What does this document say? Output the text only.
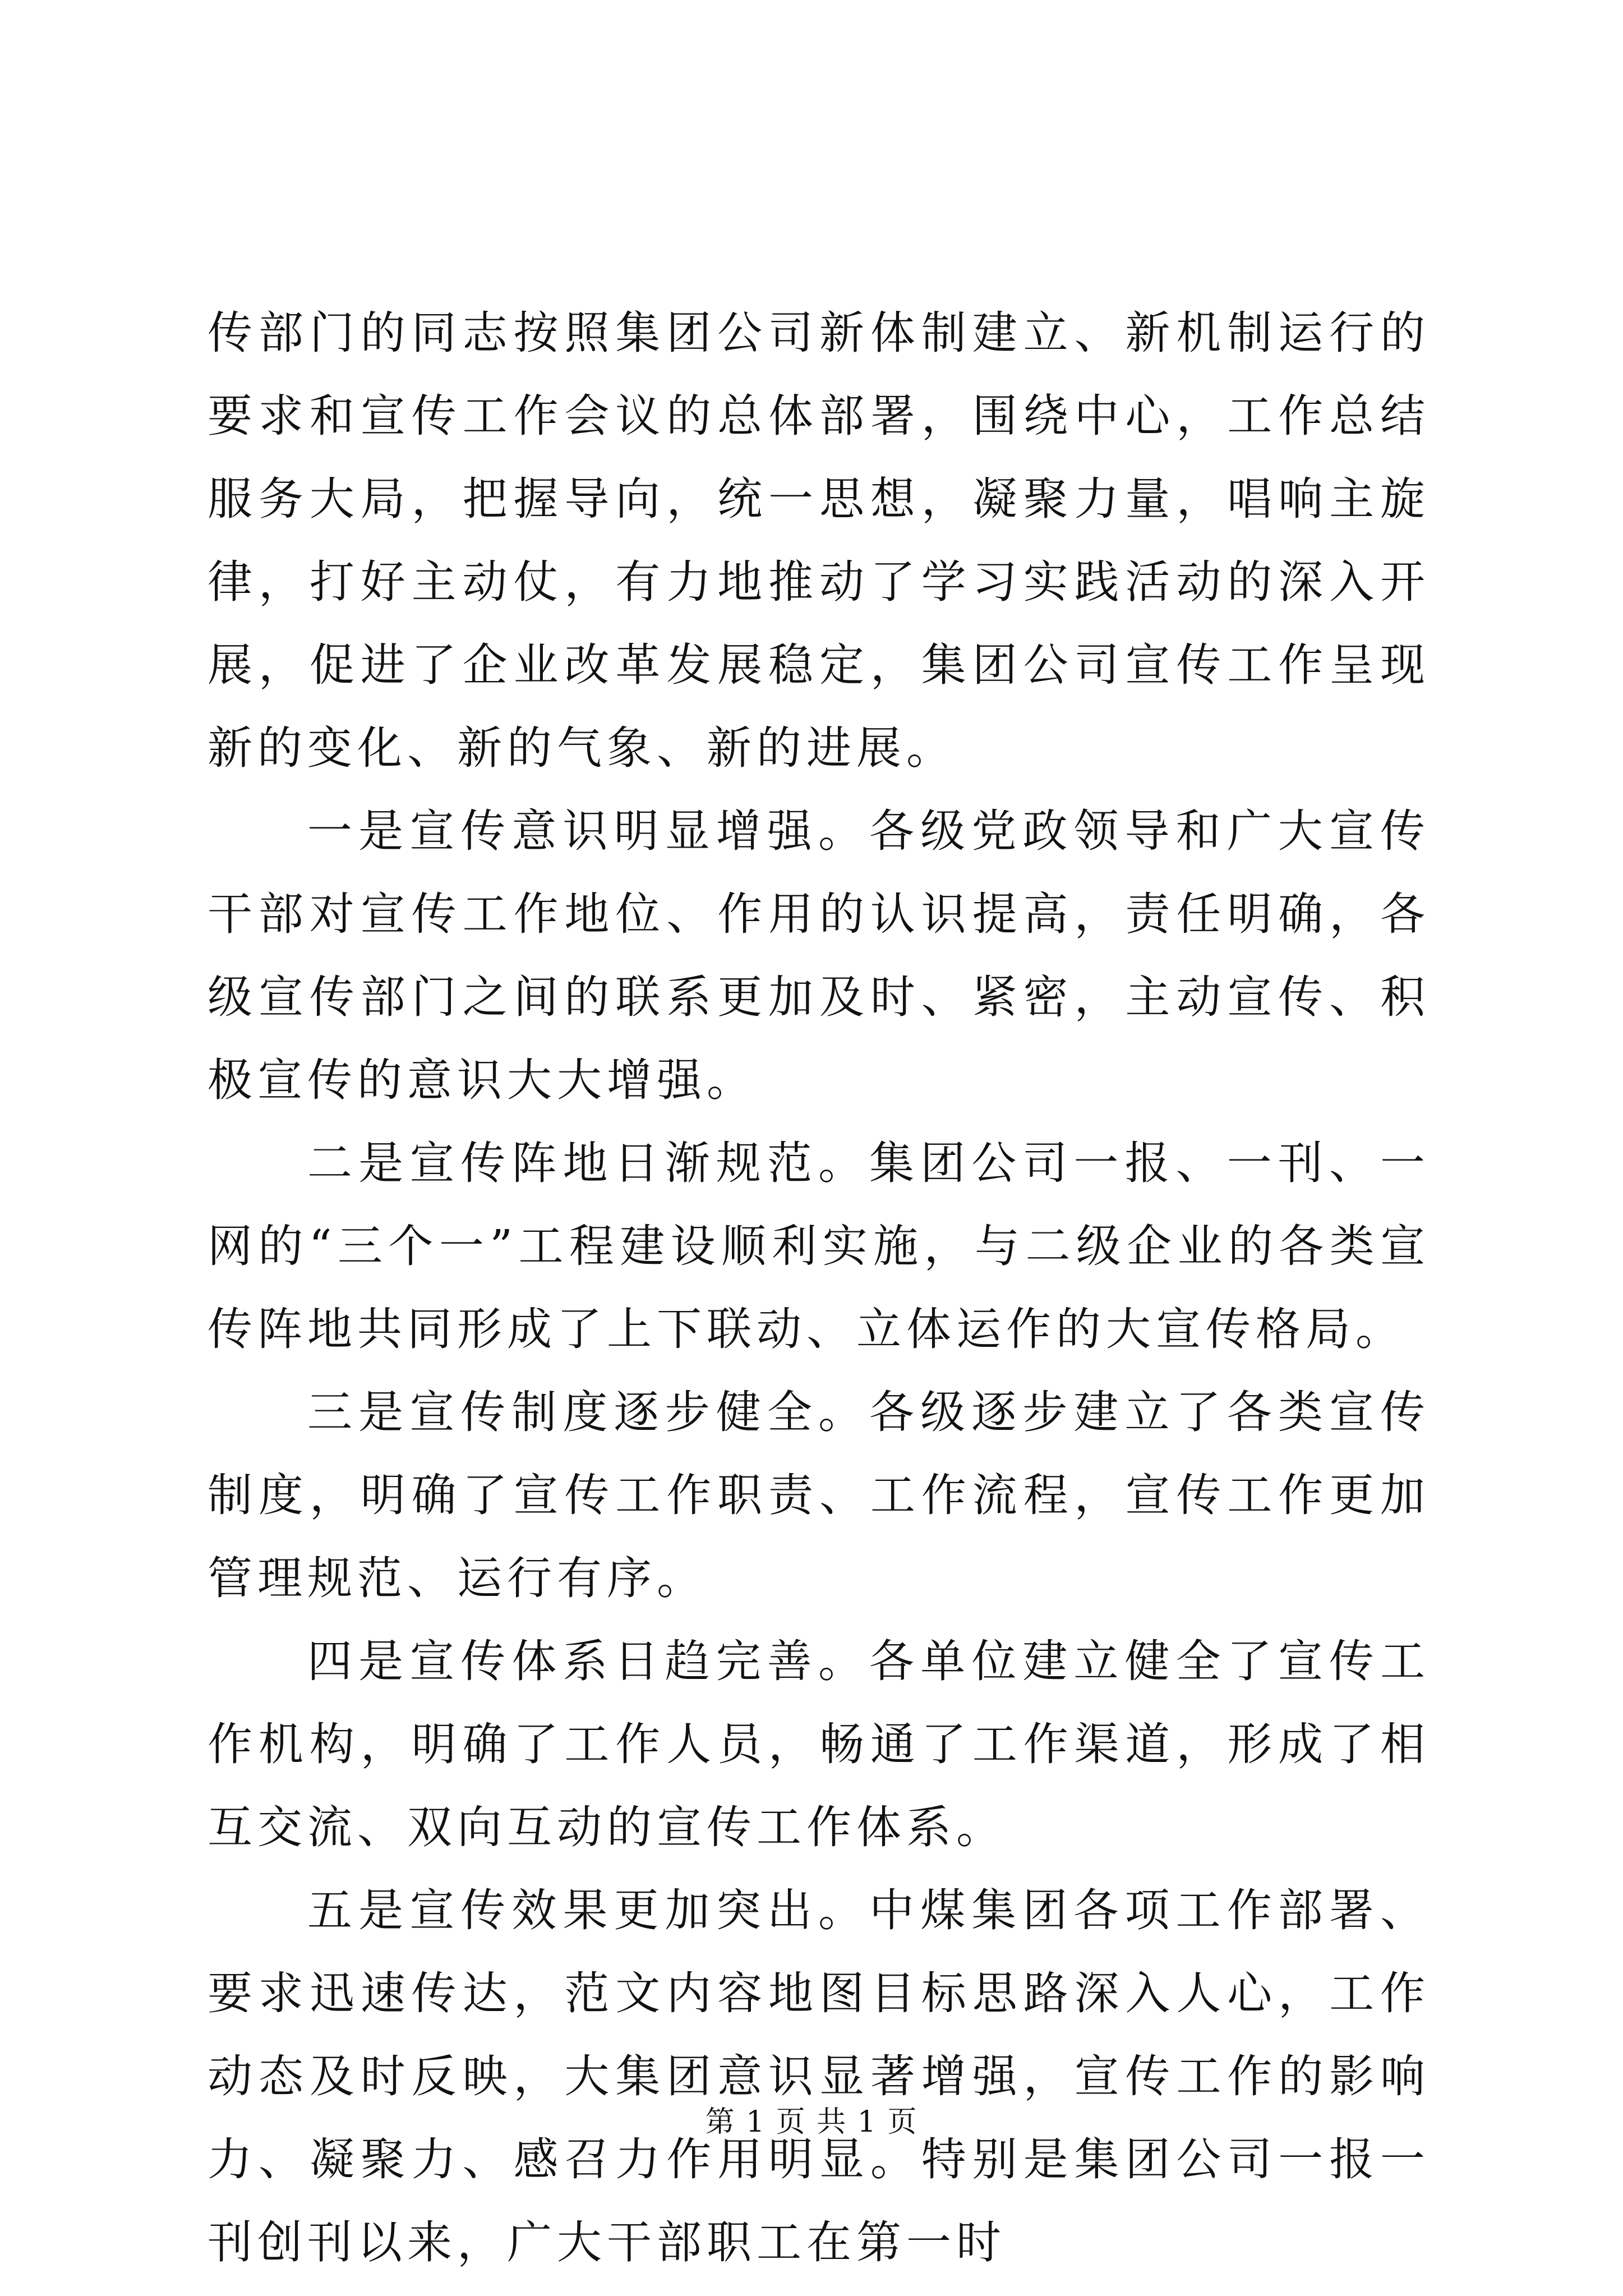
传部门的同志按照集团公司新体制建立、新机制运行的要求和宣传工作会议的总体部署，围绕中心，工作总结服务大局，把握导向，统一思想，凝聚力量，唱响主旋律，打好主动仗，有力地推动了学习实践活动的深入开展，促进了企业改革发展稳定，集团公司宣传工作呈现新的变化、新的气象、新的进展。

一是宣传意识明显增强。各级党政领导和广大宣传干部对宣传工作地位、作用的认识提高，责任明确，各级宣传部门之间的联系更加及时、紧密，主动宣传、积极宣传的意识大大增强。

二是宣传阵地日渐规范。集团公司一报、一刊、一网的“三个一”工程建设顺利实施，与二级企业的各类宣传阵地共同形成了上下联动、立体运作的大宣传格局。

三是宣传制度逐步健全。各级逐步建立了各类宣传制度，明确了宣传工作职责、工作流程，宣传工作更加管理规范、运行有序。

四是宣传体系日趋完善。各单位建立健全了宣传工作机构，明确了工作人员，畅通了工作渠道，形成了相互交流、双向互动的宣传工作体系。

五是宣传效果更加突出。中煤集团各项工作部署、要求迅速传达，范文内容地图目标思路深入人心，工作动态及时反映，大集团意识显著增强，宣传工作的影响力、凝聚力、感召力作用明显。特别是集团公司一报一刊创刊以来，广大干部职工在第一时

第 1 页 共 1 页
